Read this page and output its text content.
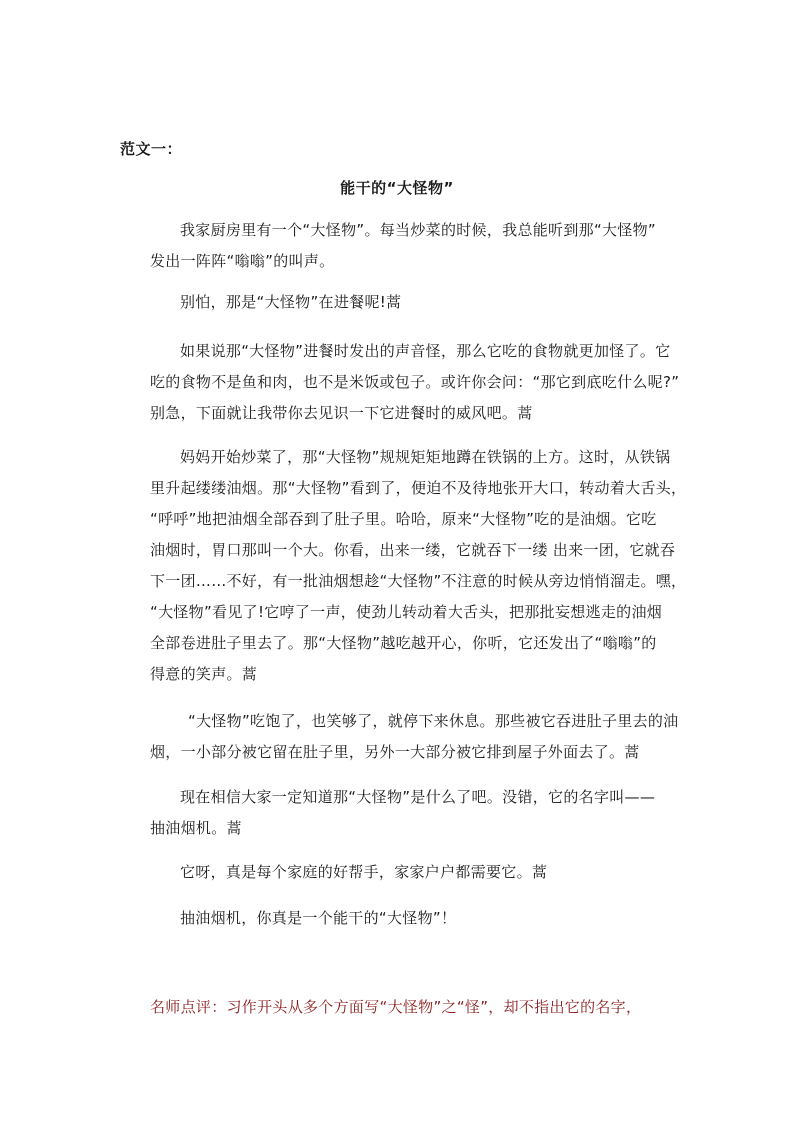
范文一：
能干的“大怪物”
我家厨房里有一个“大怪物”。每当炒菜的时候，我总能听到那“大怪物”
发出一阵阵“嗡嗡”的叫声。
别怕，那是“大怪物”在进餐呢!蒿
如果说那“大怪物”进餐时发出的声音怪，那么它吃的食物就更加怪了。它
吃的食物不是鱼和肉，也不是米饭或包子。或许你会问：“那它到底吃什么呢?”
别急，下面就让我带你去见识一下它进餐时的威风吧。蒿
妈妈开始炒菜了，那“大怪物”规规矩矩地蹲在铁锅的上方。这时，从铁锅
里升起缕缕油烟。那“大怪物”看到了，便迫不及待地张开大口，转动着大舌头，
“呼呼”地把油烟全部吞到了肚子里。哈哈，原来“大怪物”吃的是油烟。它吃
油烟时，胃口那叫一个大。你看，出来一缕，它就吞下一缕 出来一团，它就吞
下一团……不好，有一批油烟想趁“大怪物”不注意的时候从旁边悄悄溜走。嘿，
“大怪物”看见了!它哼了一声，使劲儿转动着大舌头，把那批妄想逃走的油烟
全部卷进肚子里去了。那“大怪物”越吃越开心，你听，它还发出了“嗡嗡”的
得意的笑声。蒿
“大怪物”吃饱了，也笑够了，就停下来休息。那些被它吞进肚子里去的油
烟，一小部分被它留在肚子里，另外一大部分被它排到屋子外面去了。蒿
现在相信大家一定知道那“大怪物”是什么了吧。没错，它的名字叫——
抽油烟机。蒿
它呀，真是每个家庭的好帮手，家家户户都需要它。蒿
抽油烟机，你真是一个能干的“大怪物”！
名师点评：习作开头从多个方面写“大怪物”之“怪”，却不指出它的名字，
